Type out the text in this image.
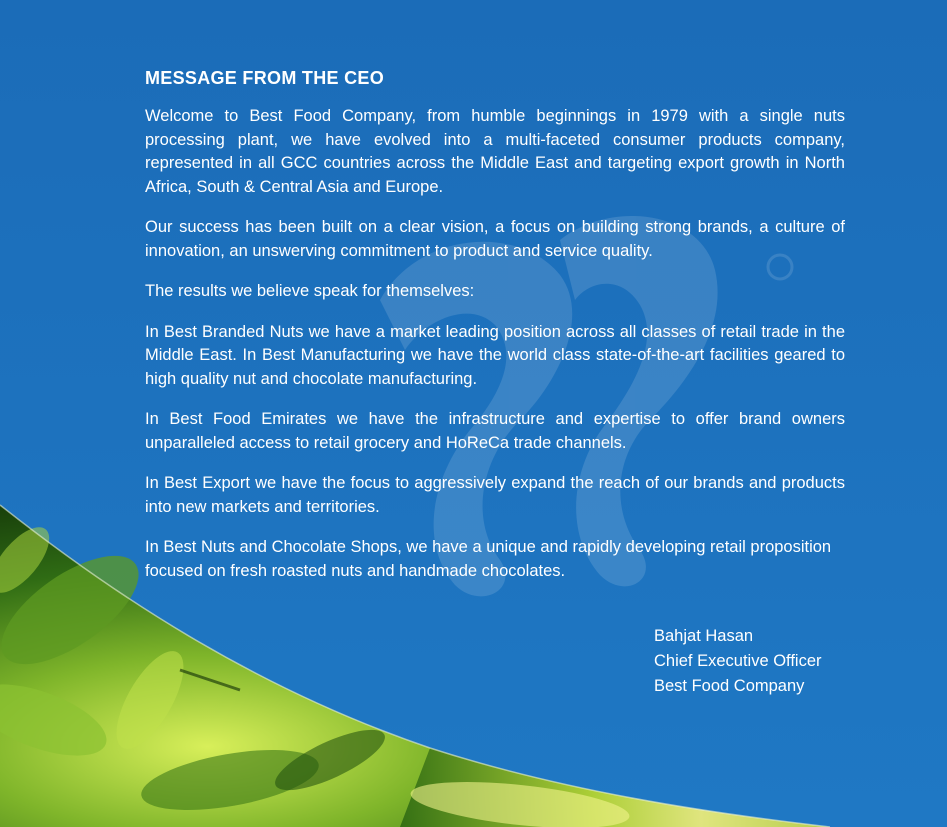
MESSAGE FROM THE CEO

Welcome to Best Food Company, from humble beginnings in 1979 with a single nuts processing plant, we have evolved into a multi-faceted consumer products company, represented in all GCC countries across the Middle East and targeting export growth in North Africa, South & Central Asia and Europe.

Our success has been built on a clear vision, a focus on building strong brands, a culture of innovation, an unswerving commitment to product and service quality.

The results we believe speak for themselves:

In Best Branded Nuts we have a market leading position across all classes of retail trade in the Middle East. In Best Manufacturing we have the world class state-of-the-art facilities geared to high quality nut and chocolate manufacturing.

In Best Food Emirates we have the infrastructure and expertise to offer brand owners unparalleled access to retail grocery and HoReCa trade channels.

In Best Export we have the focus to aggressively expand the reach of our brands and products into new markets and territories.

In Best Nuts and Chocolate Shops, we have a unique and rapidly developing retail proposition focused on fresh roasted nuts and handmade chocolates.

Bahjat Hasan
Chief Executive Officer
Best Food Company
